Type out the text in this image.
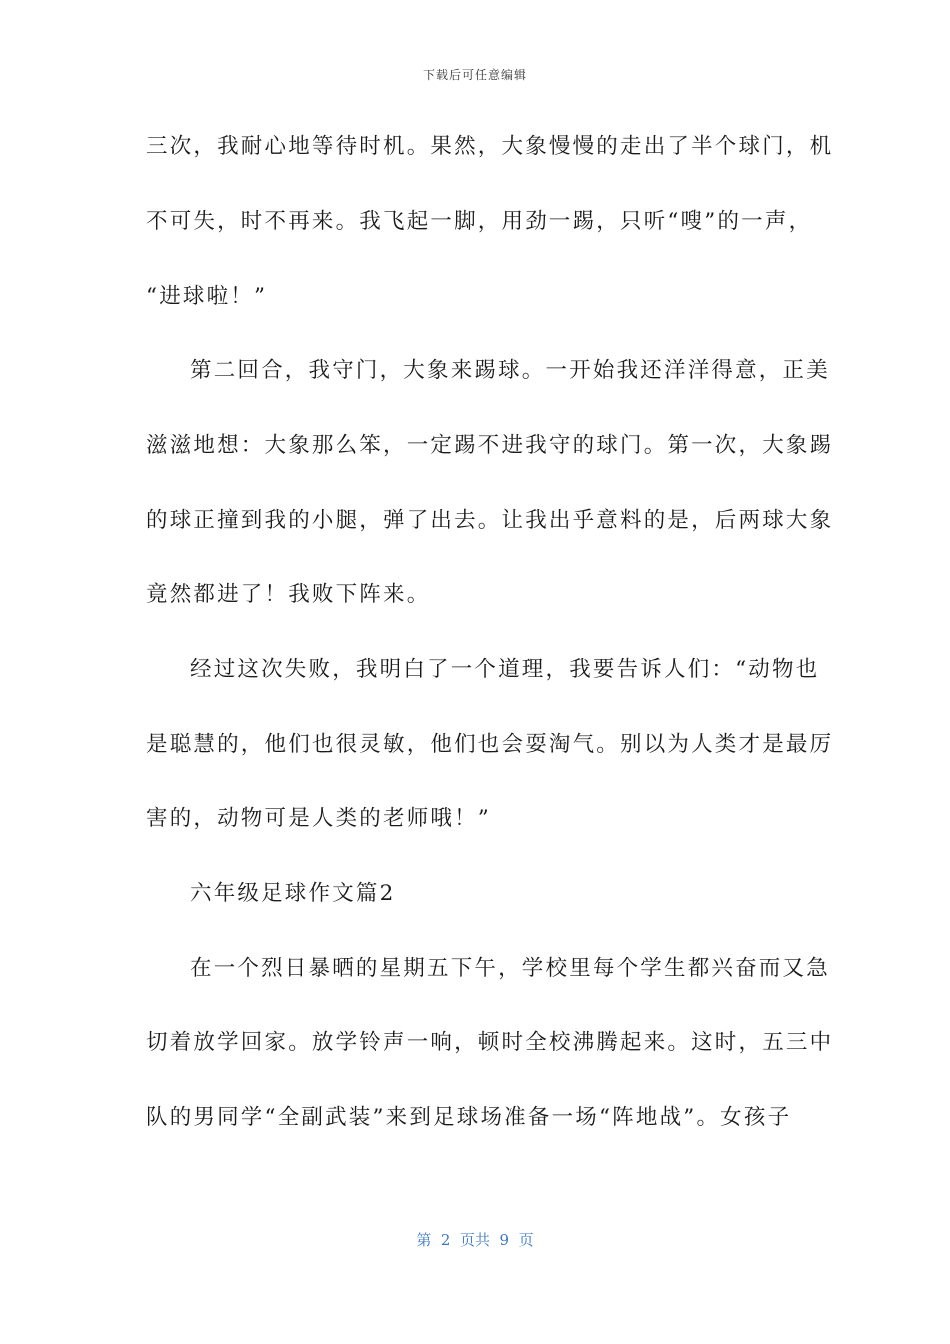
下载后可任意编辑
三次，我耐心地等待时机。果然，大象慢慢的走出了半个球门，机
不可失，时不再来。我飞起一脚，用劲一踢，只听“嗖”的一声，
“进球啦！”
第二回合，我守门，大象来踢球。一开始我还洋洋得意，正美
滋滋地想：大象那么笨，一定踢不进我守的球门。第一次，大象踢
的球正撞到我的小腿，弹了出去。让我出乎意料的是，后两球大象
竟然都进了！我败下阵来。
经过这次失败，我明白了一个道理，我要告诉人们：“动物也
是聪慧的，他们也很灵敏，他们也会耍淘气。别以为人类才是最厉
害的，动物可是人类的老师哦！”
六年级足球作文篇2
在一个烈日暴晒的星期五下午，学校里每个学生都兴奋而又急
切着放学回家。放学铃声一响，顿时全校沸腾起来。这时，五三中
队的男同学“全副武装”来到足球场准备一场“阵地战”。女孩子
第  2  页共  9  页
